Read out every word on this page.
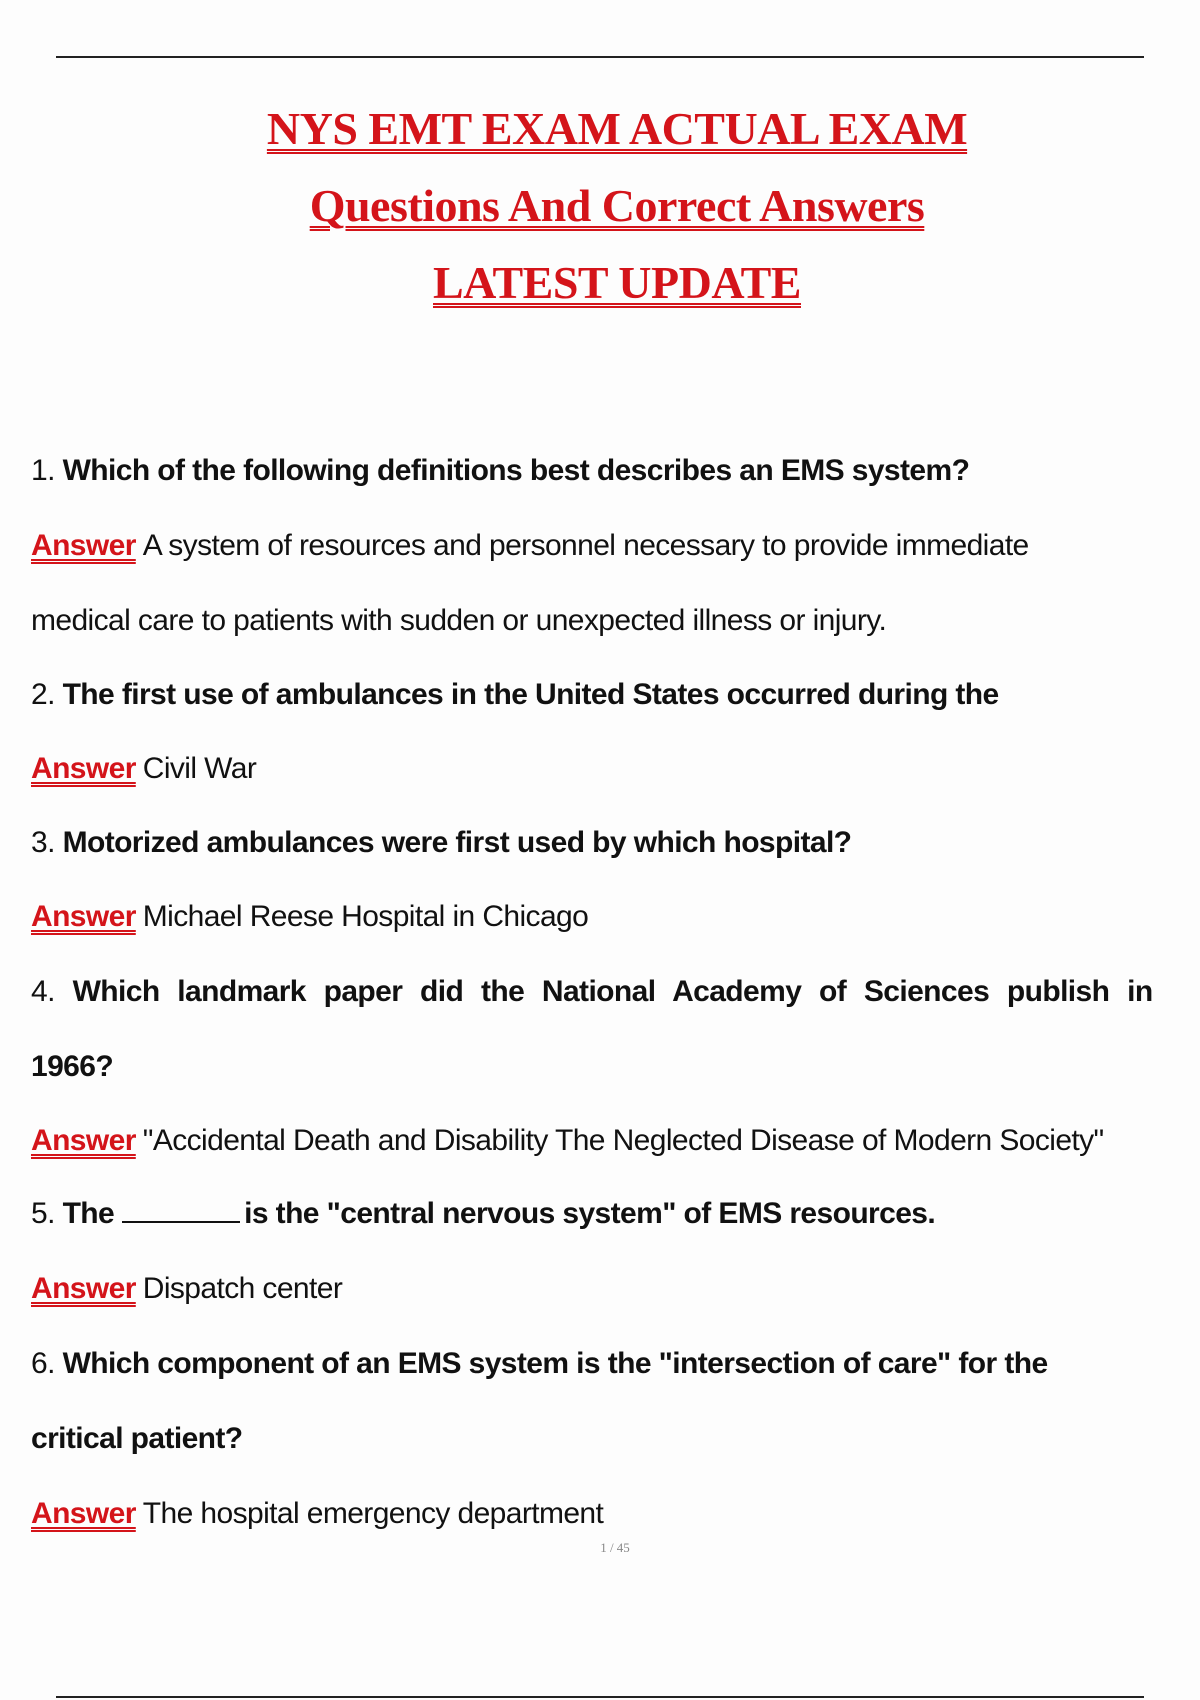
NYS EMT EXAM ACTUAL EXAM
Questions And Correct Answers
LATEST UPDATE
1. Which of the following definitions best describes an EMS system?
Answer A system of resources and personnel necessary to provide immediate
medical care to patients with sudden or unexpected illness or injury.
2. The first use of ambulances in the United States occurred during the
Answer Civil War
3. Motorized ambulances were first used by which hospital?
Answer Michael Reese Hospital in Chicago
4. Which landmark paper did the National Academy of Sciences publish in
1966?
Answer "Accidental Death and Disability The Neglected Disease of Modern Society"
5. The	is the "central nervous system" of EMS resources.
Answer Dispatch center
6. Which component of an EMS system is the "intersection of care" for the
critical patient?
Answer The hospital emergency department
1 / 45
